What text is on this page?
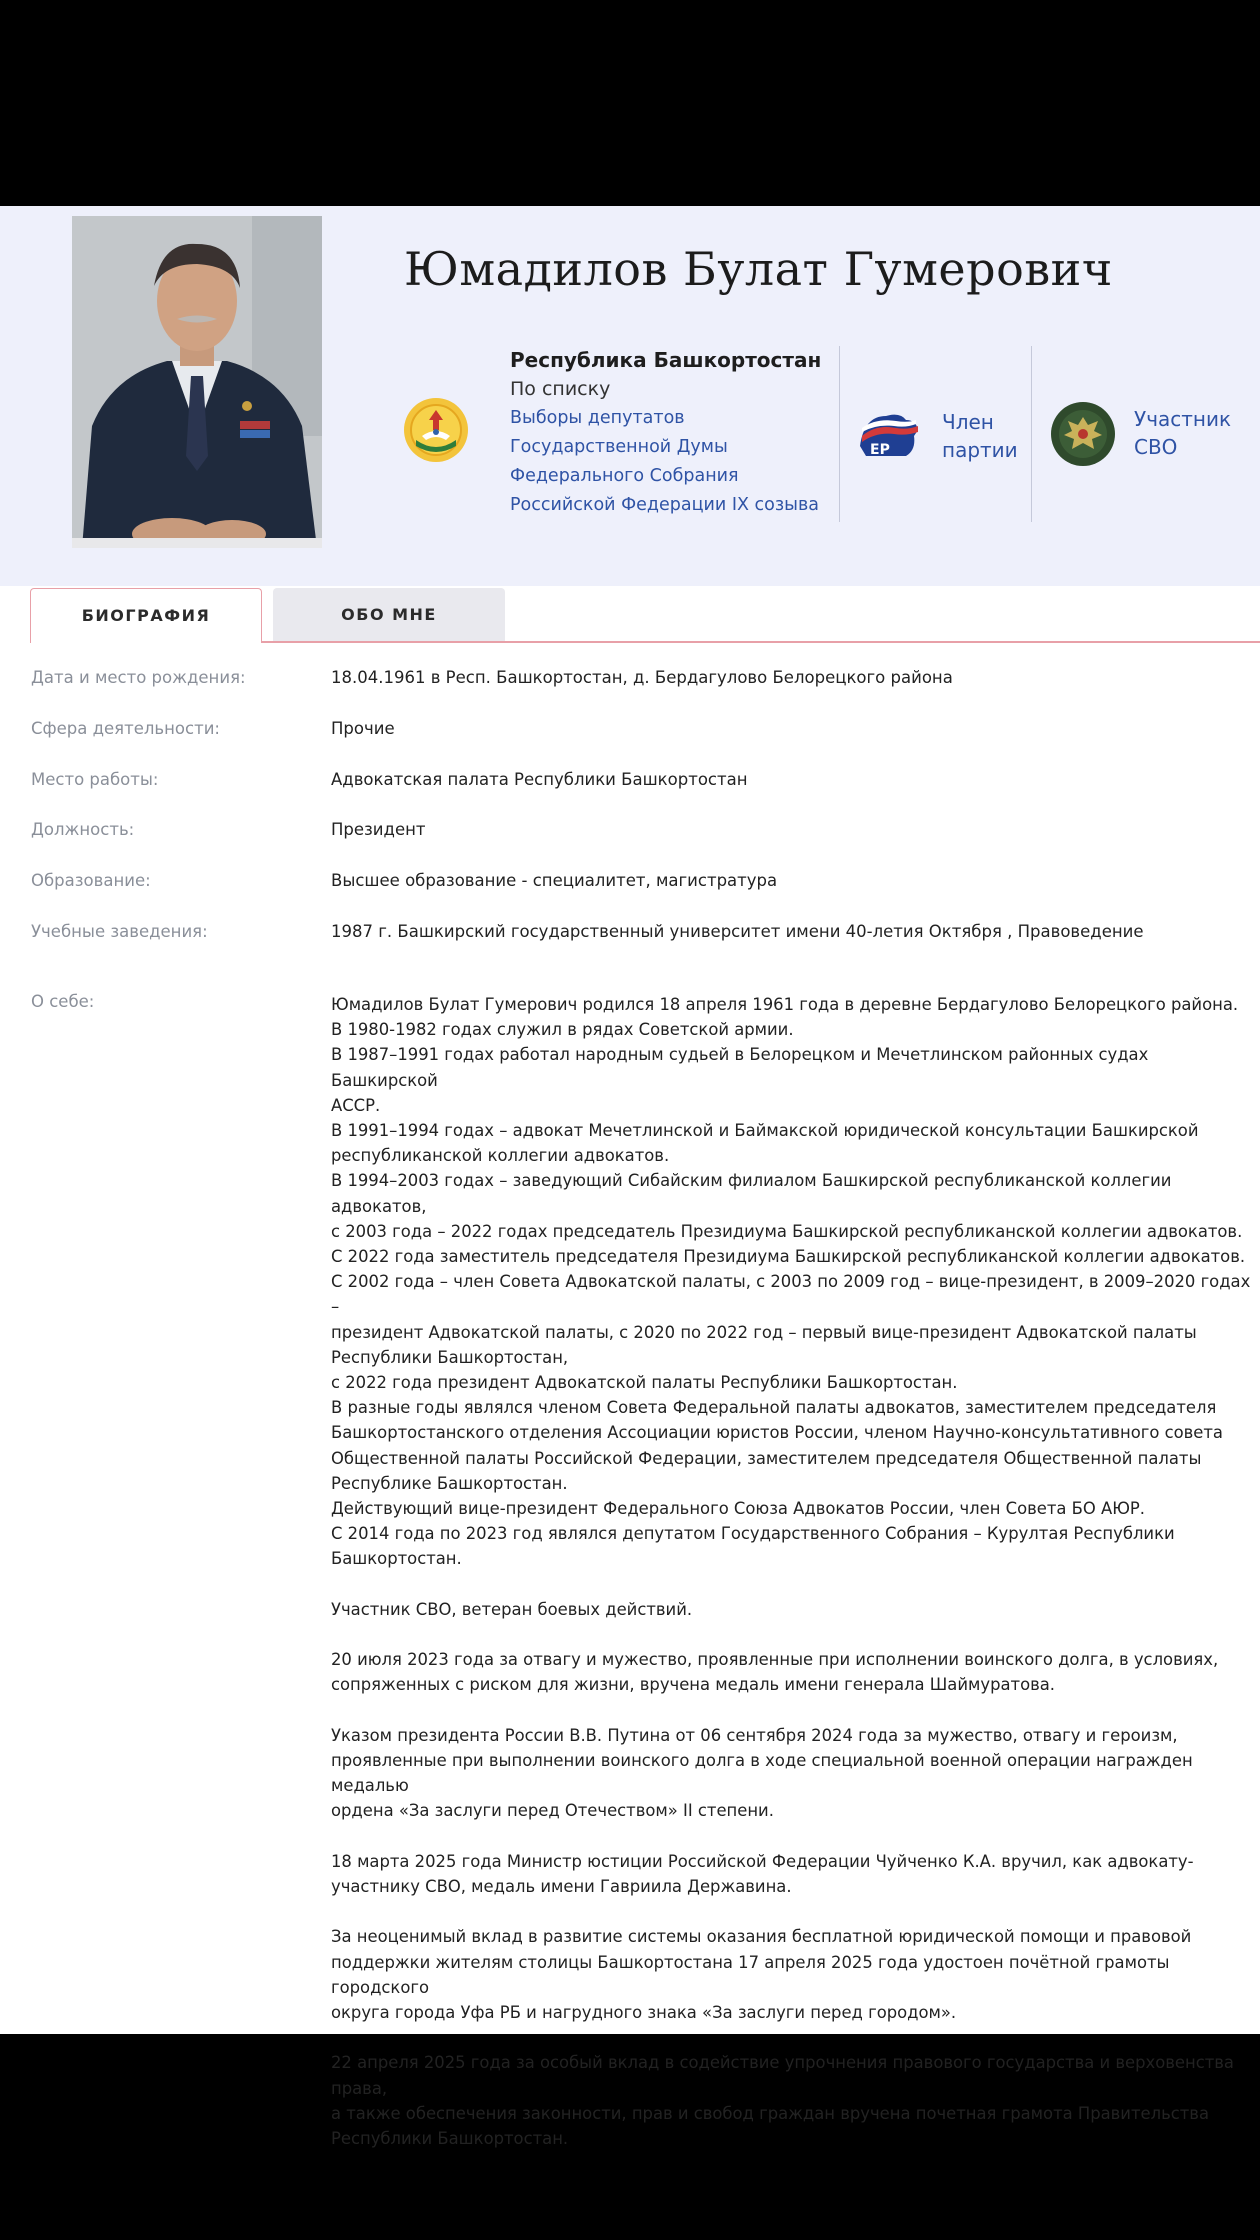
Юмадилов Булат Гумерович
Республика Башкортостан
По списку
Выборы депутатов
Государственной Думы
Федерального Собрания
Российской Федерации IX созыва
ЕР
Член
партии
Участник
СВО
БИОГРАФИЯ	ОБО МНЕ
Дата и место рождения:	18.04.1961 в Респ. Башкортостан, д. Бердагулово Белорецкого района
Сфера деятельности:	Прочие
Место работы:	Адвокатская палата Республики Башкортостан
Должность:	Президент
Образование:	Высшее образование - специалитет, магистратура
Учебные заведения:	1987 г. Башкирский государственный университет имени 40-летия Октября , Правоведение
О себе:	Юмадилов Булат Гумерович родился 18 апреля 1961 года в деревне Бердагулово Белорецкого района.
В 1980-1982 годах служил в рядах Советской армии.
В 1987–1991 годах работал народным судьей в Белорецком и Мечетлинском районных судах Башкирской
АССР.
В 1991–1994 годах – адвокат Мечетлинской и Баймакской юридической консультации Башкирской
республиканской коллегии адвокатов.
В 1994–2003 годах – заведующий Сибайским филиалом Башкирской республиканской коллегии адвокатов,
с 2003 года – 2022 годах председатель Президиума Башкирской республиканской коллегии адвокатов.
С 2022 года заместитель председателя Президиума Башкирской республиканской коллегии адвокатов.
С 2002 года – член Совета Адвокатской палаты, с 2003 по 2009 год – вице-президент, в 2009–2020 годах –
президент Адвокатской палаты, с 2020 по 2022 год – первый вице-президент Адвокатской палаты
Республики Башкортостан,
с 2022 года президент Адвокатской палаты Республики Башкортостан.
В разные годы являлся членом Совета Федеральной палаты адвокатов, заместителем председателя
Башкортостанского отделения Ассоциации юристов России, членом Научно-консультативного совета
Общественной палаты Российской Федерации, заместителем председателя Общественной палаты
Республике Башкортостан.
Действующий вице-президент Федерального Союза Адвокатов России, член Совета БО АЮР.
С 2014 года по 2023 год являлся депутатом Государственного Собрания – Курултая Республики
Башкортостан.

Участник СВО, ветеран боевых действий.

20 июля 2023 года за отвагу и мужество, проявленные при исполнении воинского долга, в условиях,
сопряженных с риском для жизни, вручена медаль имени генерала Шаймуратова.

Указом президента России В.В. Путина от 06 сентября 2024 года за мужество, отвагу и героизм,
проявленные при выполнении воинского долга в ходе специальной военной операции награжден медалью
ордена «За заслуги перед Отечеством» II степени.

18 марта 2025 года Министр юстиции Российской Федерации Чуйченко К.А. вручил, как адвокату-
участнику СВО, медаль имени Гавриила Державина.

За неоценимый вклад в развитие системы оказания бесплатной юридической помощи и правовой
поддержки жителям столицы Башкортостана 17 апреля 2025 года удостоен почётной грамоты городского
округа города Уфа РБ и нагрудного знака «За заслуги перед городом».

22 апреля 2025 года за особый вклад в содействие упрочнения правового государства и верховенства права,
а также обеспечения законности, прав и свобод граждан вручена почетная грамота Правительства
Республики Башкортостан.
